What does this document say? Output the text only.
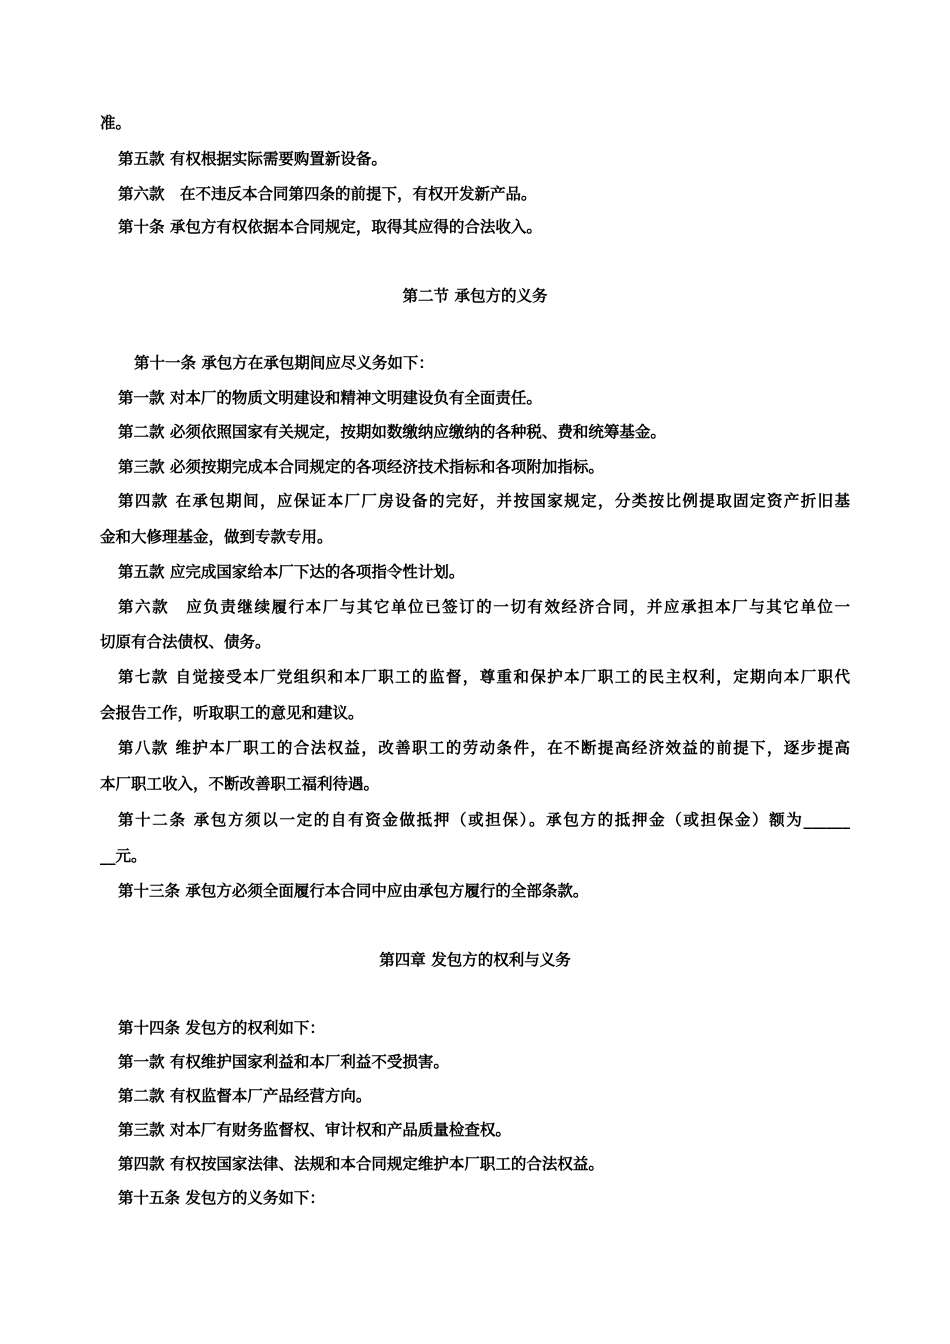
准。
第五款 有权根据实际需要购置新设备。
第六款　在不违反本合同第四条的前提下，有权开发新产品。
第十条 承包方有权依据本合同规定，取得其应得的合法收入。
第二节 承包方的义务
第十一条 承包方在承包期间应尽义务如下：
第一款 对本厂的物质文明建设和精神文明建设负有全面责任。
第二款 必须依照国家有关规定，按期如数缴纳应缴纳的各种税、费和统筹基金。
第三款 必须按期完成本合同规定的各项经济技术指标和各项附加指标。
第四款 在承包期间，应保证本厂厂房设备的完好，并按国家规定，分类按比例提取固定资产折旧基
金和大修理基金，做到专款专用。
第五款 应完成国家给本厂下达的各项指令性计划。
第六款　应负责继续履行本厂与其它单位已签订的一切有效经济合同，并应承担本厂与其它单位一
切原有合法债权、债务。
第七款 自觉接受本厂党组织和本厂职工的监督，尊重和保护本厂职工的民主权利，定期向本厂职代
会报告工作，听取职工的意见和建议。
第八款 维护本厂职工的合法权益，改善职工的劳动条件，在不断提高经济效益的前提下，逐步提高
本厂职工收入，不断改善职工福利待遇。
第十二条 承包方须以一定的自有资金做抵押（或担保）。承包方的抵押金（或担保金）额为______
__元。
第十三条 承包方必须全面履行本合同中应由承包方履行的全部条款。
第四章 发包方的权利与义务
第十四条 发包方的权利如下：
第一款 有权维护国家利益和本厂利益不受损害。
第二款 有权监督本厂产品经营方向。
第三款 对本厂有财务监督权、审计权和产品质量检查权。
第四款 有权按国家法律、法规和本合同规定维护本厂职工的合法权益。
第十五条 发包方的义务如下：
